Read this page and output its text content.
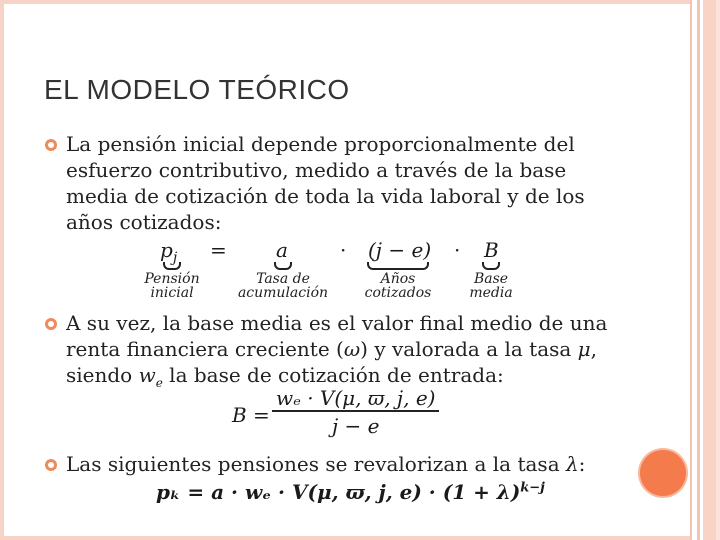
EL MODELO TEÓRICO
La pensión inicial depende proporcionalmente del esfuerzo contributivo, medido a través de la base media de cotización de toda la vida laboral y de los años cotizados:
$p_j = a$	· (j − e) · B
Pensión inicial
Tasa de acumulación
Años cotizados
Base media
A su vez, la base media es el valor final medio de una renta financiera creciente (ω) y valorada a la tasa μ, siendo $w_e$ la base de cotización de entrada:
$B = \frac{\text{wₑ · V(μ, ϖ, j, e)}}{j - e}$
Las siguientes pensiones se revalorizan a la tasa λ:
pₖ = a · wₑ · V(μ, ϖ, j, $e) \cdot (1 + \lambda)^{k-j}$
